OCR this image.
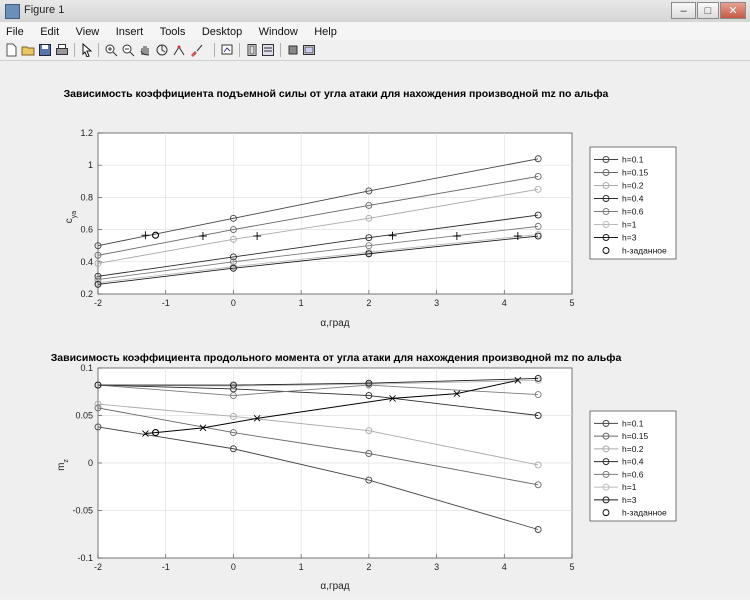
Figure 1	–	□	✕
File Edit View Insert Tools Desktop Window Help
Зависимость коэффициента подъемной силы от угла атаки для нахождения производной mz по альфа
-2	-1	0	1	2	3	4	5
0.2
0.4
0.6
0.8
1
1.2
α,град
$c_{ya}$
h=0.1
h=0.15
h=0.2
h=0.4
h=0.6
h=1
h=3
h-заданное
Зависимость коэффициента продольного момента от угла атаки для нахождения производной mz по альфа
-2	-1	0	1	2	3	4	5
-0.1
-0.05
0
0.05
0.1
α,град
$m_z$
h=0.1
h=0.15
h=0.2
h=0.4
h=0.6
h=1
h=3
h-заданное
